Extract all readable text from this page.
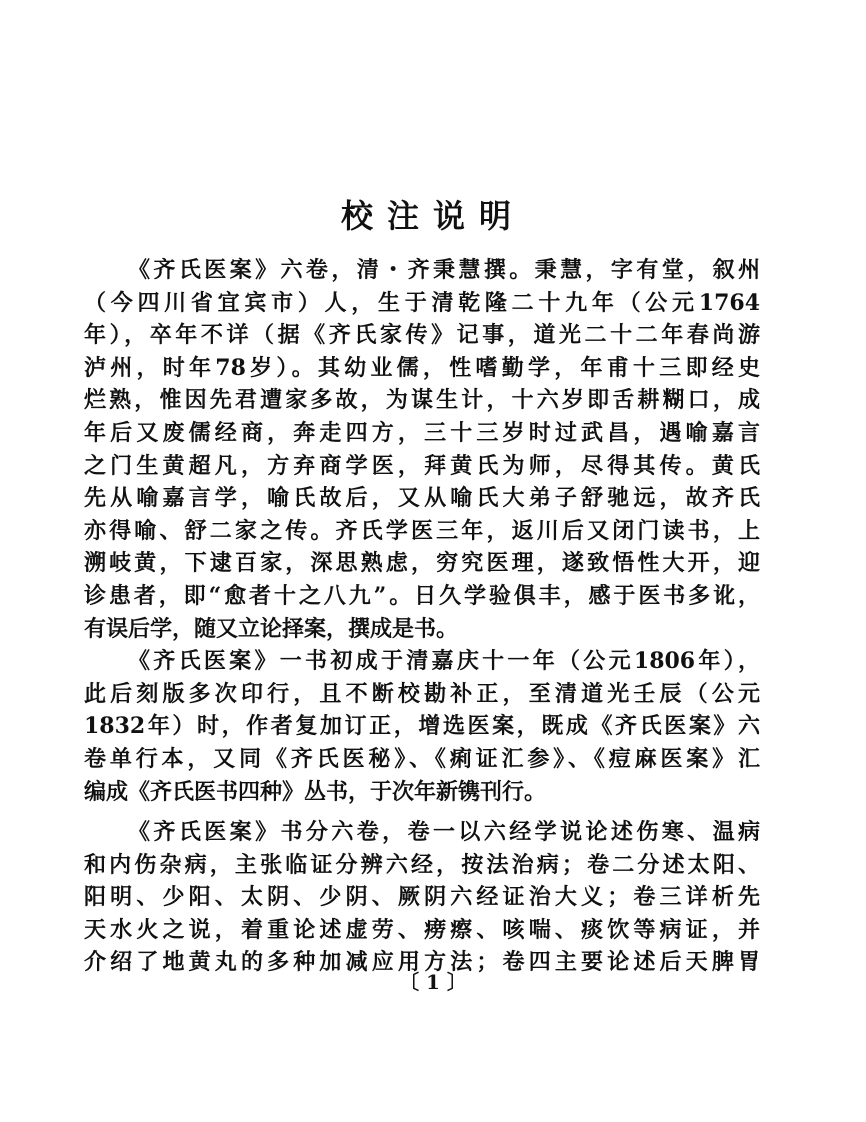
校注说明
《齐氏医案》六卷，清・齐秉慧撰。秉慧，字有堂，叙州
（今四川省宜宾市）人，生于清乾隆二十九年（公元1764
年），卒年不详（据《齐氏家传》记事，道光二十二年春尚游
泸州，时年78岁）。其幼业儒，性嗜勤学，年甫十三即经史
烂熟，惟因先君遭家多故，为谋生计，十六岁即舌耕糊口，成
年后又废儒经商，奔走四方，三十三岁时过武昌，遇喻嘉言
之门生黄超凡，方弃商学医，拜黄氏为师，尽得其传。黄氏
先从喻嘉言学，喻氏故后，又从喻氏大弟子舒驰远，故齐氏
亦得喻、舒二家之传。齐氏学医三年，返川后又闭门读书，上
溯岐黄，下逮百家，深思熟虑，穷究医理，遂致悟性大开，迎
诊患者，即“愈者十之八九”。日久学验俱丰，感于医书多讹，
有误后学，随又立论择案，撰成是书。
《齐氏医案》一书初成于清嘉庆十一年（公元1806年），
此后刻版多次印行，且不断校勘补正，至清道光壬辰（公元
1832年）时，作者复加订正，增选医案，既成《齐氏医案》六
卷单行本，又同《齐氏医秘》、《痢证汇参》、《痘麻医案》汇
编成《齐氏医书四种》丛书，于次年新镌刊行。
《齐氏医案》书分六卷，卷一以六经学说论述伤寒、温病
和内伤杂病，主张临证分辨六经，按法治病；卷二分述太阳、
阳明、少阳、太阴、少阴、厥阴六经证治大义；卷三详析先
天水火之说，着重论述虚劳、痨瘵、咳喘、痰饮等病证，并
介绍了地黄丸的多种加减应用方法；卷四主要论述后天脾胃
〔 1 〕
